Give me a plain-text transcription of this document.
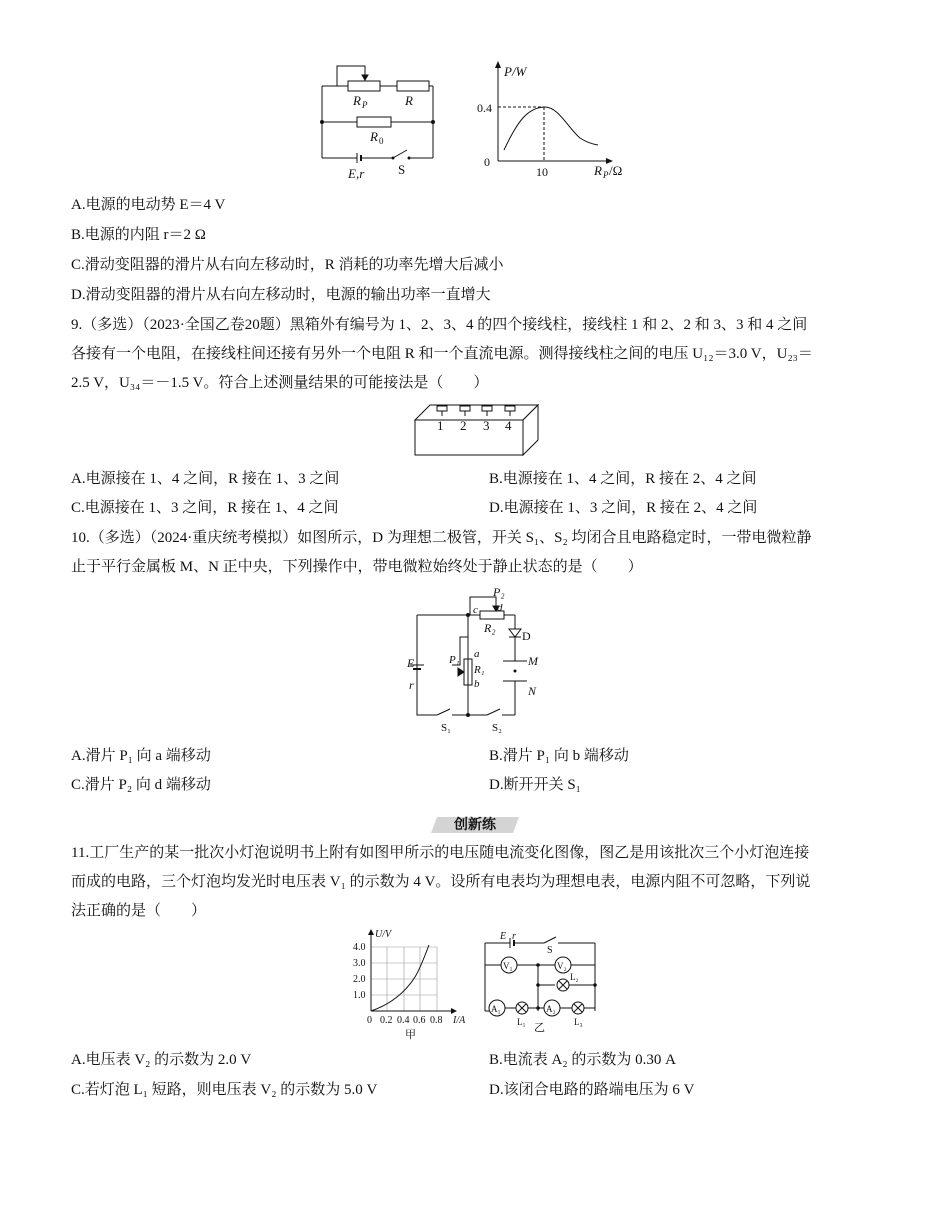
R P	R
R 0
E,r	S
P/W
0.4
0
10	R P /Ω
A.电源的电动势 E＝4 V
B.电源的内阻 r＝2 Ω
C.滑动变阻器的滑片从右向左移动时，R 消耗的功率先增大后减小
D.滑动变阻器的滑片从右向左移动时，电源的输出功率一直增大
9.（多选）（2023·全国乙卷20题）黑箱外有编号为 1、2、3、4 的四个接线柱，接线柱 1 和 2、2 和 3、3 和 4 之间
各接有一个电阻，在接线柱间还接有另外一个电阻 R 和一个直流电源。测得接线柱之间的电压 U₁₂＝3.0 V，U₂₃＝
2.5 V，U₃₄＝－1.5 V。符合上述测量结果的可能接法是（　　）
1 2 3 4
A.电源接在 1、4 之间，R 接在 1、3 之间	B.电源接在 1、4 之间，R 接在 2、4 之间
C.电源接在 1、3 之间，R 接在 1、4 之间	D.电源接在 1、3 之间，R 接在 2、4 之间
10.（多选）（2024·重庆统考模拟）如图所示，D 为理想二极管，开关 S₁、S₂ 均闭合且电路稳定时，一带电微粒静
止于平行金属板 M、N 正中央，下列操作中，带电微粒始终处于静止状态的是（　　）
P₂
c d
R₂
D
E
r
P₁ a
R₁
b
M
N
S₁	S₂
A.滑片 P₁ 向 a 端移动	B.滑片 P₁ 向 b 端移动
C.滑片 P₂ 向 d 端移动	D.断开开关 S₁
创新练
11.工厂生产的某一批次小灯泡说明书上附有如图甲所示的电压随电流变化图像，图乙是用该批次三个小灯泡连接
而成的电路，三个灯泡均发光时电压表 V₁ 的示数为 4 V。设所有电表均为理想电表，电源内阻不可忽略，下列说
法正确的是（　　）
U/V
4.0
3.0
2.0
1.0
0 0.2 0.4 0.6 0.8 I/A
甲
E r
S
V₁	V₂
L₂
A₁	A₂
L₁	L₃
乙
A.电压表 V₂ 的示数为 2.0 V	B.电流表 A₂ 的示数为 0.30 A
C.若灯泡 L₁ 短路，则电压表 V₂ 的示数为 5.0 V	D.该闭合电路的路端电压为 6 V
